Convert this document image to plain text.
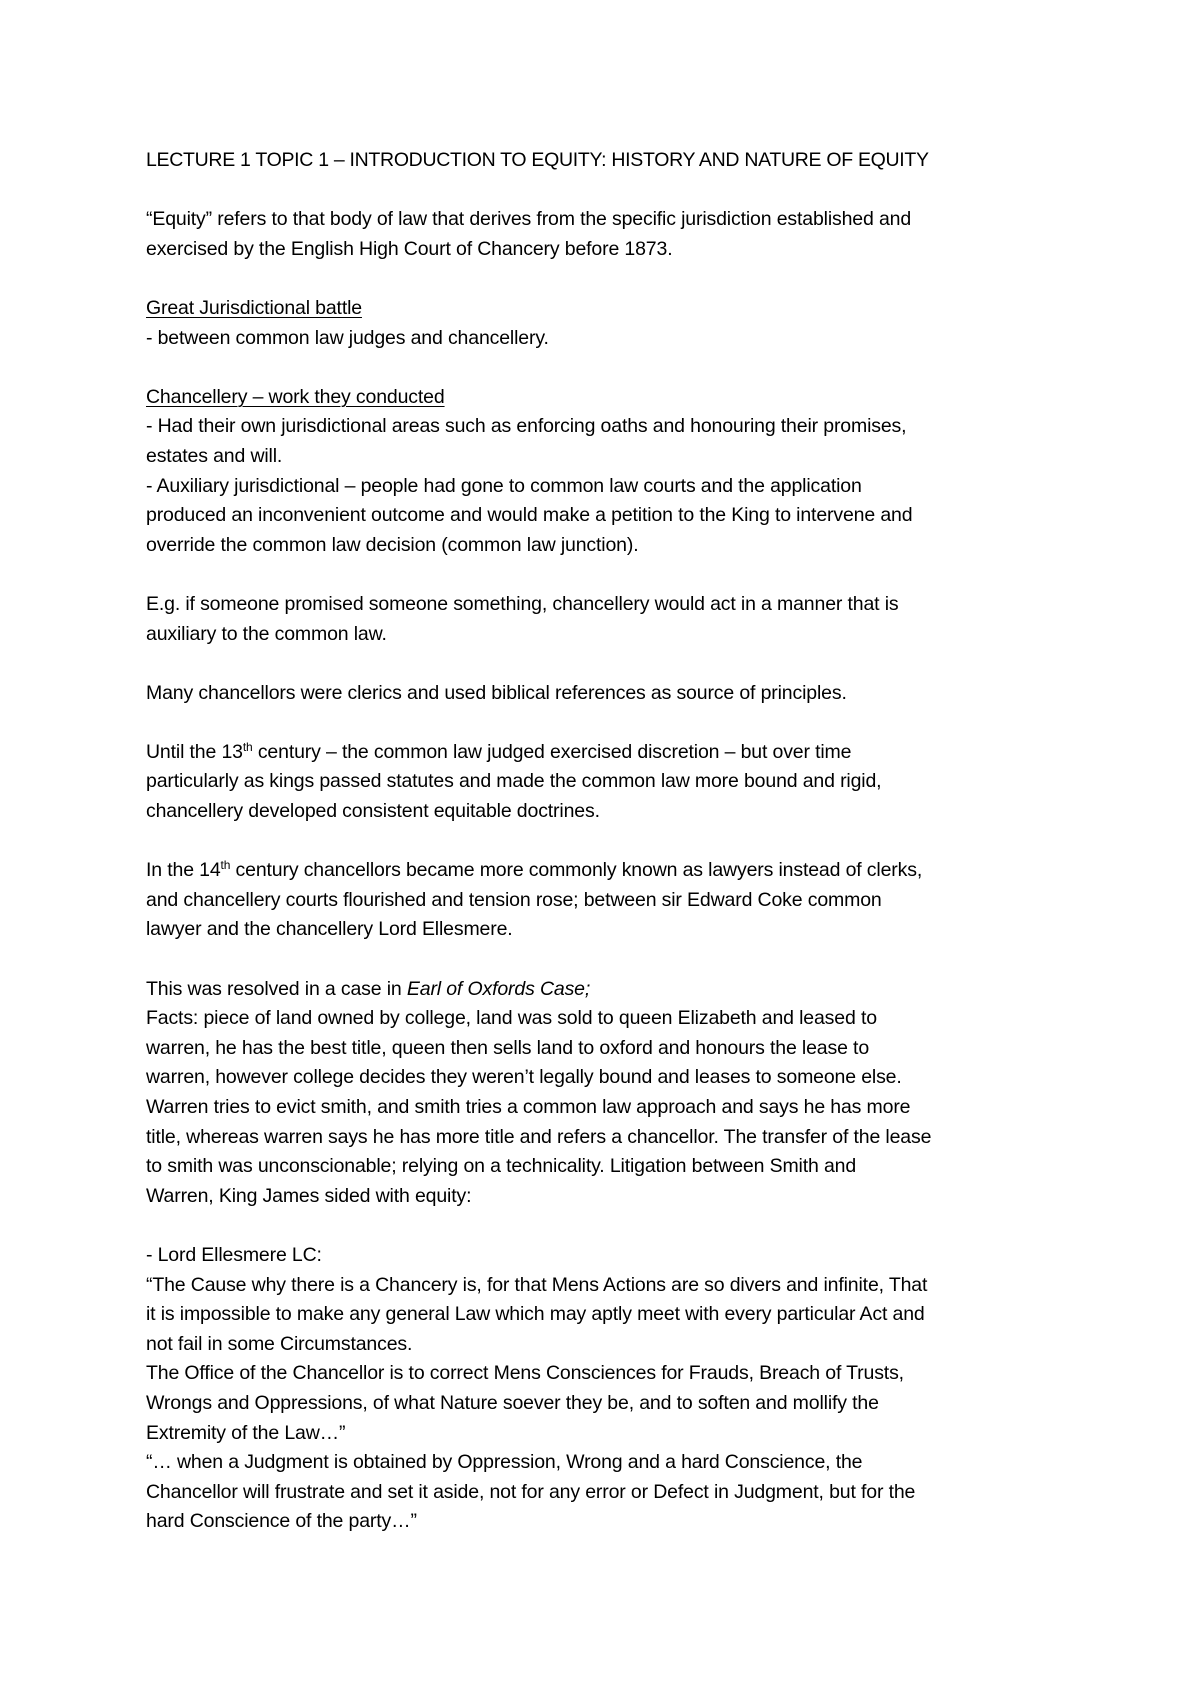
LECTURE 1 TOPIC 1 – INTRODUCTION TO EQUITY: HISTORY AND NATURE OF EQUITY

“Equity” refers to that body of law that derives from the specific jurisdiction established and

exercised by the English High Court of Chancery before 1873.

Great Jurisdictional battle

- between common law judges and chancellery.

Chancellery – work they conducted

- Had their own jurisdictional areas such as enforcing oaths and honouring their promises,

estates and will.

- Auxiliary jurisdictional – people had gone to common law courts and the application

produced an inconvenient outcome and would make a petition to the King to intervene and

override the common law decision (common law junction).

E.g. if someone promised someone something, chancellery would act in a manner that is

auxiliary to the common law.

Many chancellors were clerics and used biblical references as source of principles.

Until the 13th century – the common law judged exercised discretion – but over time

particularly as kings passed statutes and made the common law more bound and rigid,

chancellery developed consistent equitable doctrines.

In the 14th century chancellors became more commonly known as lawyers instead of clerks,

and chancellery courts flourished and tension rose; between sir Edward Coke common

lawyer and the chancellery Lord Ellesmere.

This was resolved in a case in Earl of Oxfords Case;

Facts: piece of land owned by college, land was sold to queen Elizabeth and leased to

warren, he has the best title, queen then sells land to oxford and honours the lease to

warren, however college decides they weren’t legally bound and leases to someone else.

Warren tries to evict smith, and smith tries a common law approach and says he has more

title, whereas warren says he has more title and refers a chancellor. The transfer of the lease

to smith was unconscionable; relying on a technicality. Litigation between Smith and

Warren, King James sided with equity:

- Lord Ellesmere LC:

“The Cause why there is a Chancery is, for that Mens Actions are so divers and infinite, That

it is impossible to make any general Law which may aptly meet with every particular Act and

not fail in some Circumstances.

The Office of the Chancellor is to correct Mens Consciences for Frauds, Breach of Trusts,

Wrongs and Oppressions, of what Nature soever they be, and to soften and mollify the

Extremity of the Law…”

“… when a Judgment is obtained by Oppression, Wrong and a hard Conscience, the

Chancellor will frustrate and set it aside, not for any error or Defect in Judgment, but for the

hard Conscience of the party…”
